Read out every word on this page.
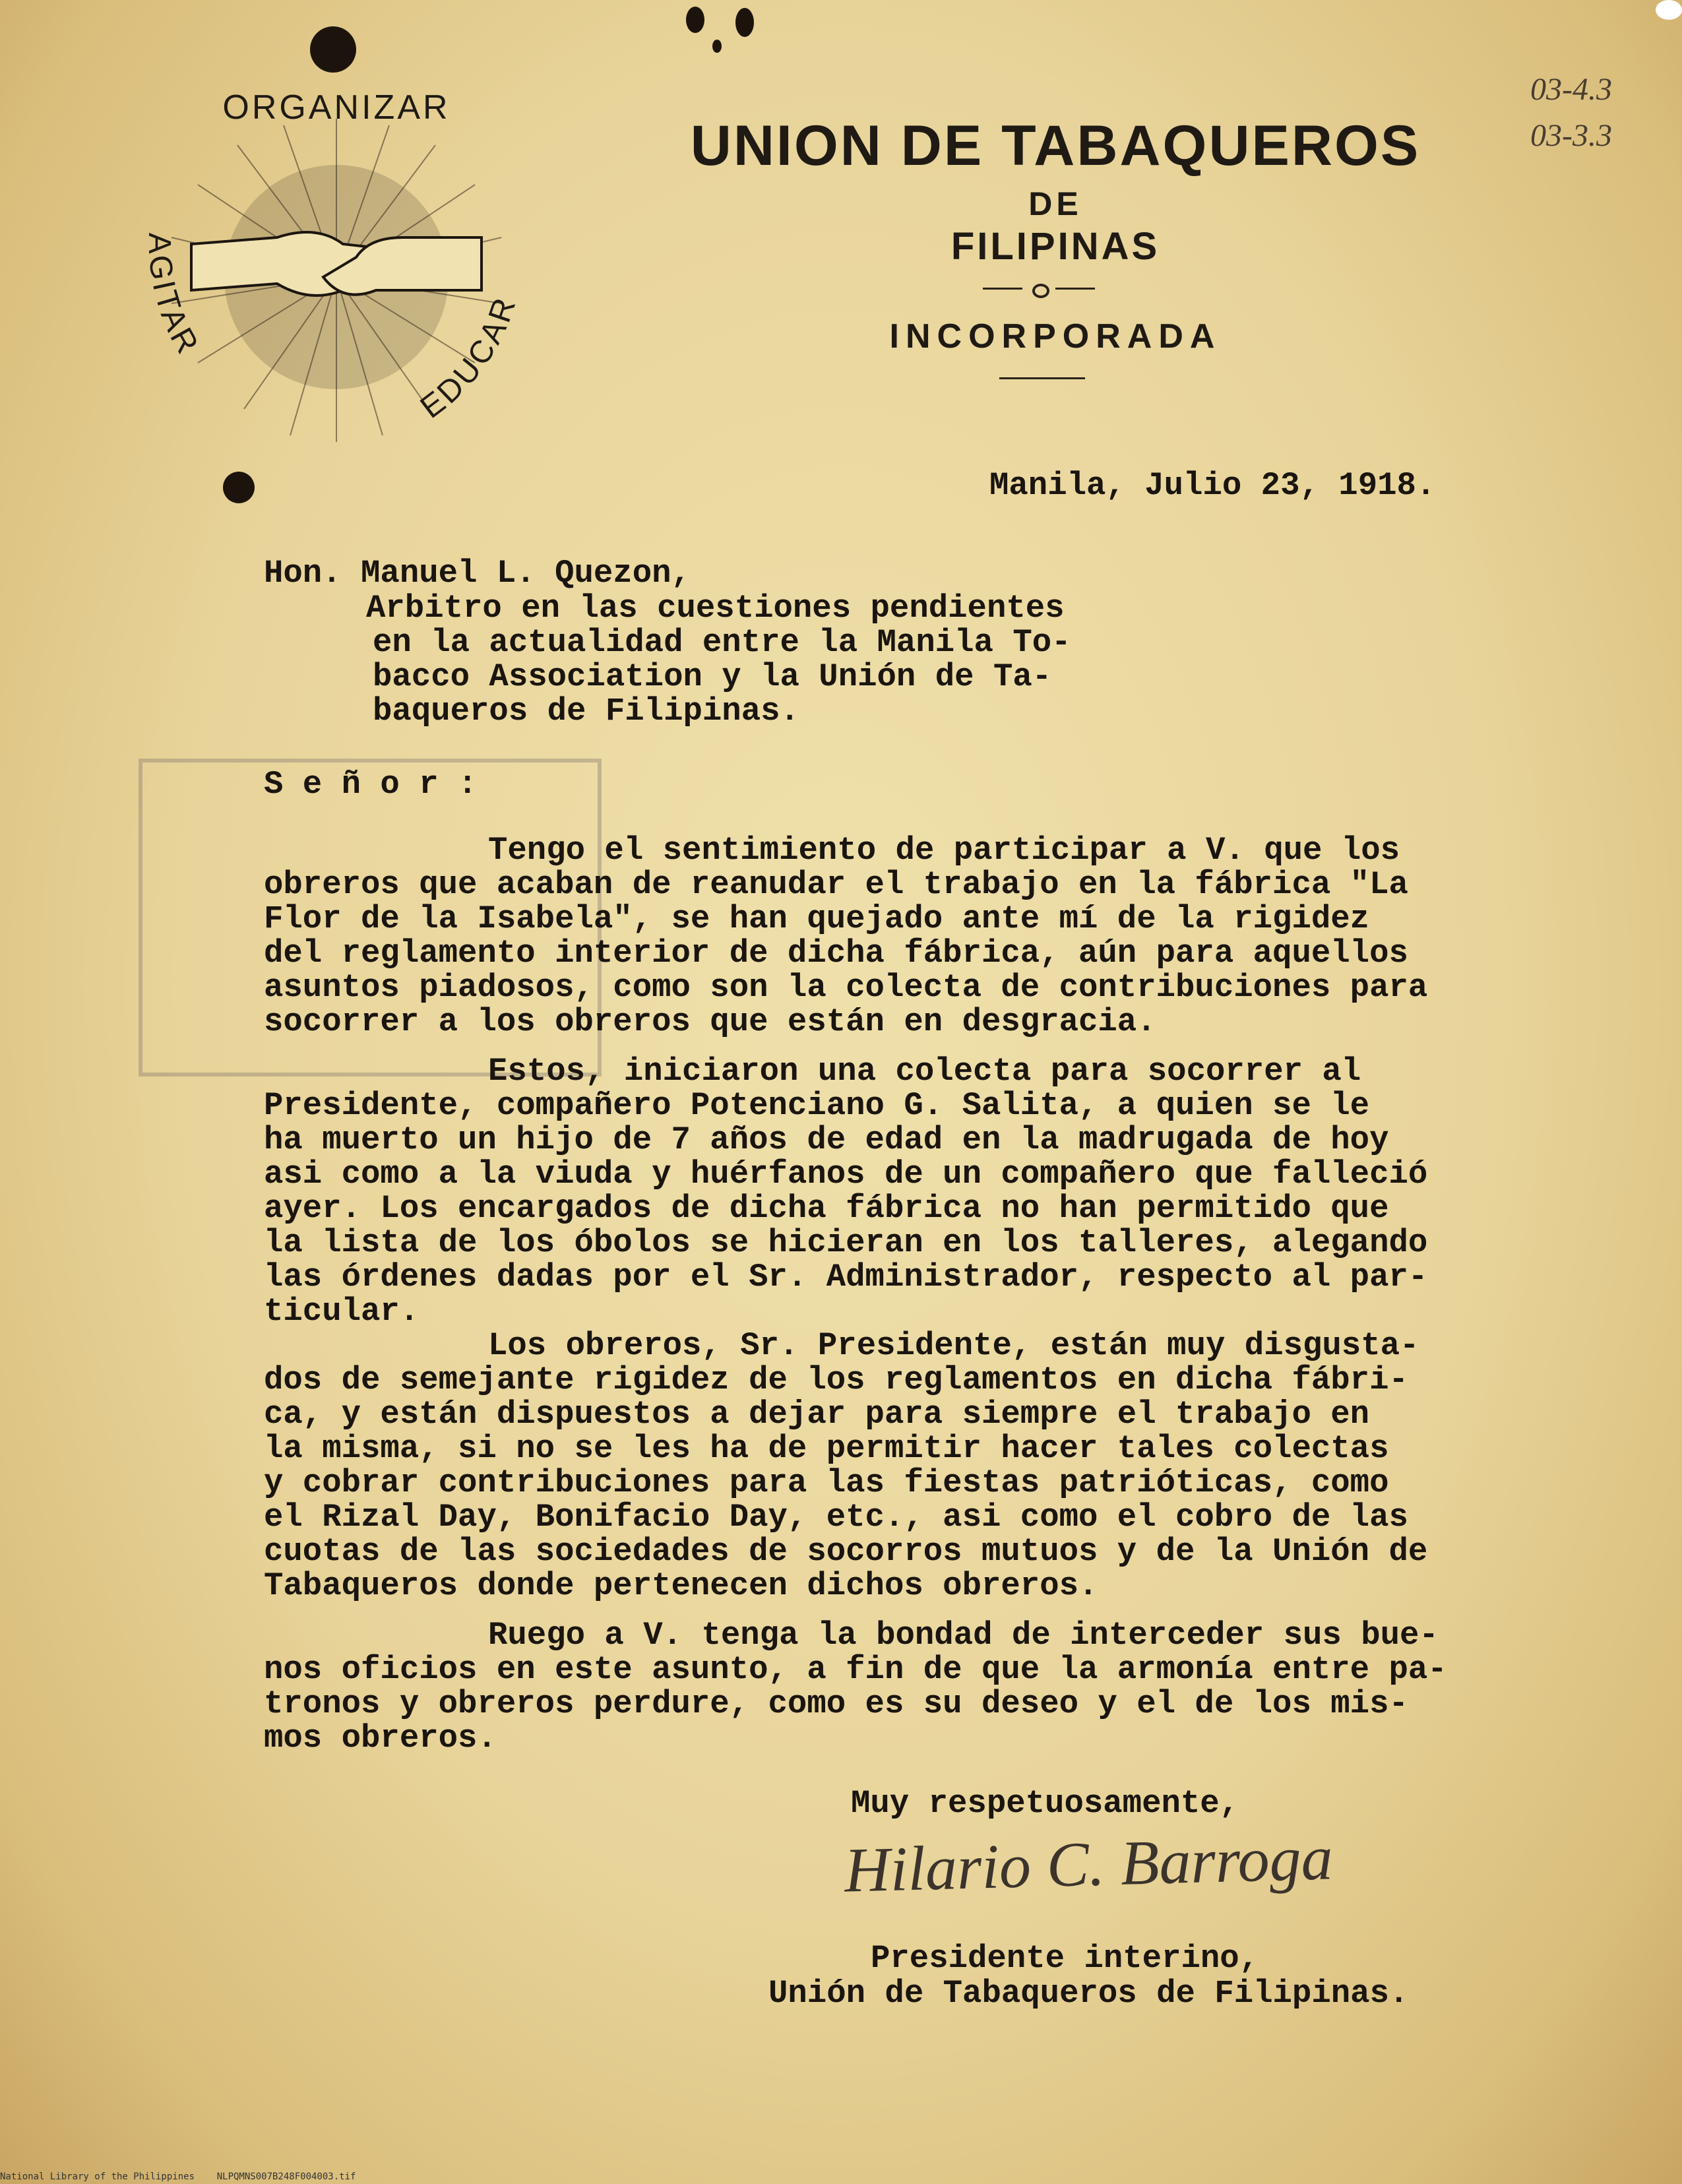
ORGANIZAR
AGITAR
EDUCAR
UNION DE TABAQUEROS
DE
FILIPINAS
INCORPORADA
03-4.3
03-3.3
Manila, Julio 23, 1918.
Hon. Manuel L. Quezon,
Arbitro en las cuestiones pendientes
en la actualidad entre la Manila To-
bacco Association y la Unión de Ta-
baqueros de Filipinas.
S e ñ o r :
Tengo el sentimiento de participar a V. que los
obreros que acaban de reanudar el trabajo en la fábrica "La
Flor de la Isabela", se han quejado ante mí de la rigidez
del reglamento interior de dicha fábrica, aún para aquellos
asuntos piadosos, como son la colecta de contribuciones para
socorrer a los obreros que están en desgracia.
Estos, iniciaron una colecta para socorrer al
Presidente, compañero Potenciano G. Salita, a quien se le
ha muerto un hijo de 7 años de edad en la madrugada de hoy
asi como a la viuda y huérfanos de un compañero que falleció
ayer. Los encargados de dicha fábrica no han permitido que
la lista de los óbolos se hicieran en los talleres, alegando
las órdenes dadas por el Sr. Administrador, respecto al par-
ticular.
Los obreros, Sr. Presidente, están muy disgusta-
dos de semejante rigidez de los reglamentos en dicha fábri-
ca, y están dispuestos a dejar para siempre el trabajo en
la misma, si no se les ha de permitir hacer tales colectas
y cobrar contribuciones para las fiestas patrióticas, como
el Rizal Day, Bonifacio Day, etc., asi como el cobro de las
cuotas de las sociedades de socorros mutuos y de la Unión de
Tabaqueros donde pertenecen dichos obreros.
Ruego a V. tenga la bondad de interceder sus bue-
nos oficios en este asunto, a fin de que la armonía entre pa-
tronos y obreros perdure, como es su deseo y el de los mis-
mos obreros.
Muy respetuosamente,
Hilario C. Barroga
Presidente interino,
Unión de Tabaqueros de Filipinas.
National Library of the Philippines    NLPQMNS007B248F004003.tif
